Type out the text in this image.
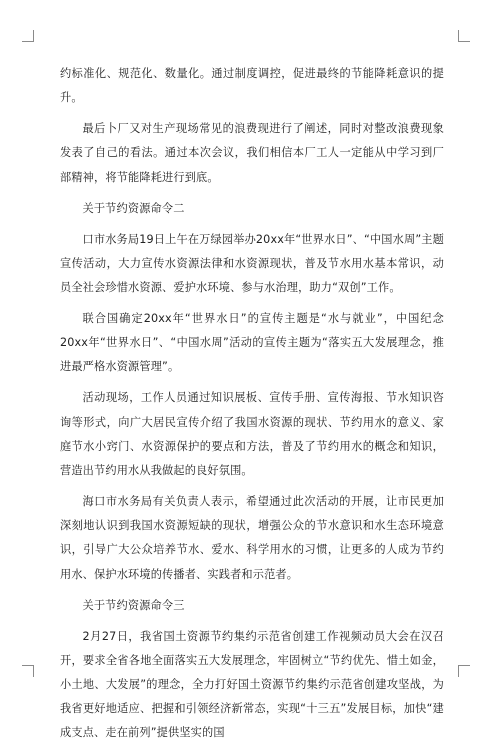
约标准化、规范化、数量化。通过制度调控，促进最终的节能降耗意识的提升。

最后卜厂又对生产现场常见的浪费现进行了阐述，同时对整改浪费现象发表了自己的看法。通过本次会议，我们相信本厂工人一定能从中学习到厂部精神，将节能降耗进行到底。

关于节约资源命令二

口市水务局19日上午在万绿园举办20xx年“世界水日”、“中国水周”主题宣传活动，大力宣传水资源法律和水资源现状，普及节水用水基本常识，动员全社会珍惜水资源、爱护水环境、参与水治理，助力“双创”工作。

联合国确定20xx年“世界水日”的宣传主题是“水与就业”，中国纪念20xx年“世界水日”、“中国水周”活动的宣传主题为“落实五大发展理念，推进最严格水资源管理”。

活动现场，工作人员通过知识展板、宣传手册、宣传海报、节水知识咨询等形式，向广大居民宣传介绍了我国水资源的现状、节约用水的意义、家庭节水小窍门、水资源保护的要点和方法，普及了节约用水的概念和知识，营造出节约用水从我做起的良好氛围。

海口市水务局有关负责人表示，希望通过此次活动的开展，让市民更加深刻地认识到我国水资源短缺的现状，增强公众的节水意识和水生态环境意识，引导广大公众培养节水、爱水、科学用水的习惯，让更多的人成为节约用水、保护水环境的传播者、实践者和示范者。

关于节约资源命令三

2月27日，我省国土资源节约集约示范省创建工作视频动员大会在汉召开，要求全省各地全面落实五大发展理念，牢固树立“节约优先、惜土如金，小土地、大发展”的理念，全力打好国土资源节约集约示范省创建攻坚战，为我省更好地适应、把握和引领经济新常态，实现“十三五”发展目标，加快“建成支点、走在前列”提供坚实的国
